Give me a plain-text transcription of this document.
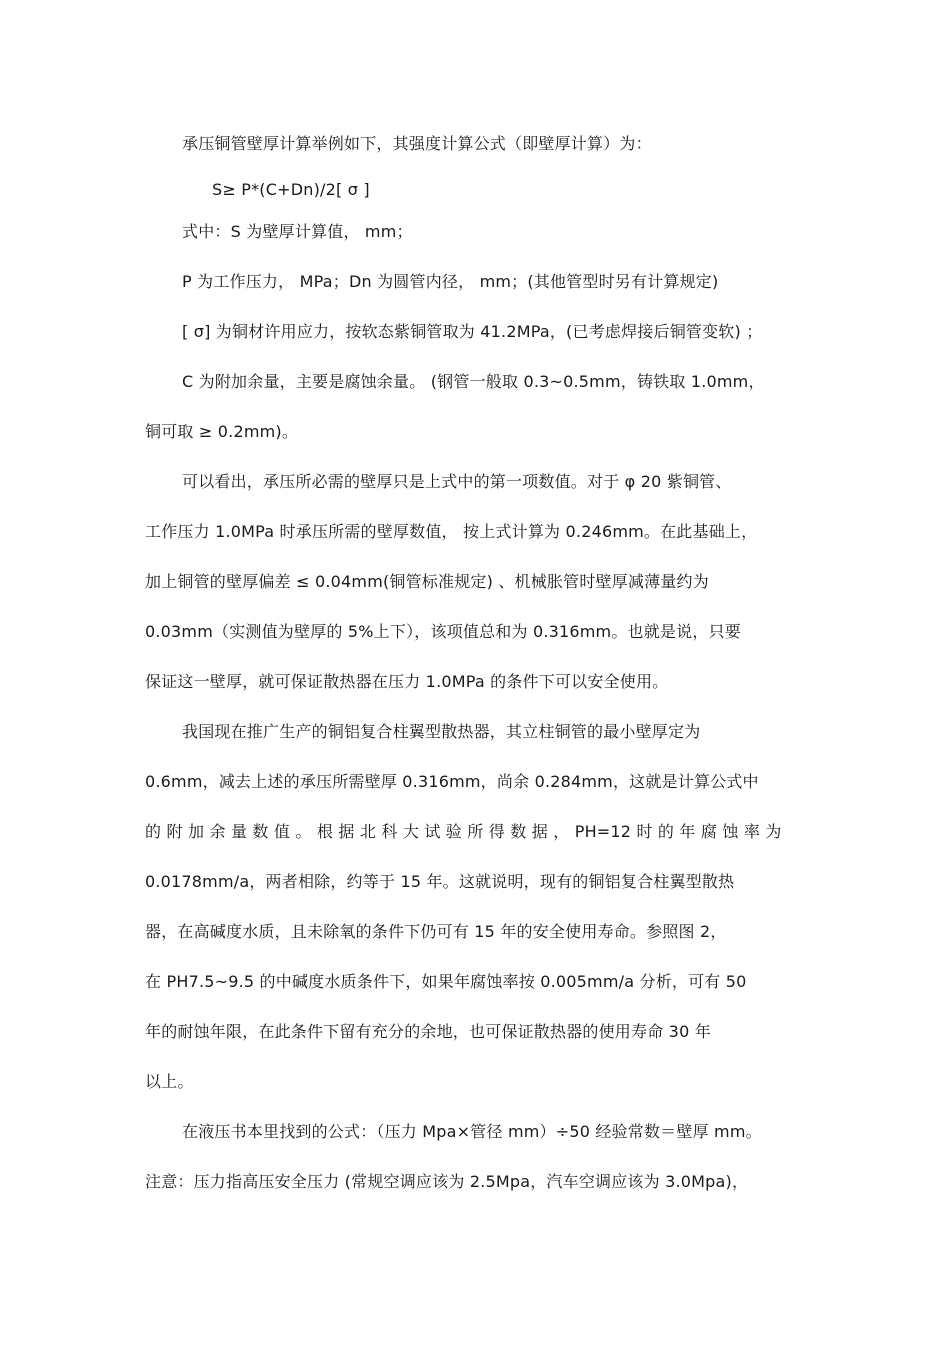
承压铜管壁厚计算举例如下，其强度计算公式（即壁厚计算）为：
S≥ P*(C+Dn)/2[ σ ]
式中：S 为壁厚计算值， mm；
P 为工作压力， MPa；Dn 为圆管内径， mm；(其他管型时另有计算规定)
[ σ] 为铜材许用应力，按软态紫铜管取为 41.2MPa，(已考虑焊接后铜管变软) ；
C 为附加余量，主要是腐蚀余量。 (钢管一般取 0.3~0.5mm，铸铁取 1.0mm，
铜可取 ≥ 0.2mm)。
可以看出，承压所必需的壁厚只是上式中的第一项数值。对于 φ 20 紫铜管、
工作压力 1.0MPa 时承压所需的壁厚数值， 按上式计算为 0.246mm。在此基础上，
加上铜管的壁厚偏差 ≤ 0.04mm(铜管标准规定) 、机械胀管时壁厚减薄量约为
0.03mm（实测值为壁厚的 5%上下），该项值总和为 0.316mm。也就是说，只要
保证这一壁厚，就可保证散热器在压力 1.0MPa 的条件下可以安全使用。
我国现在推广生产的铜铝复合柱翼型散热器，其立柱铜管的最小壁厚定为
0.6mm，减去上述的承压所需壁厚 0.316mm，尚余 0.284mm，这就是计算公式中
的 附 加 余 量 数 值 。 根 据 北 科 大 试 验 所 得 数 据 ， PH=12 时 的 年 腐 蚀 率 为
0.0178mm/a，两者相除，约等于 15 年。这就说明，现有的铜铝复合柱翼型散热
器，在高碱度水质，且未除氧的条件下仍可有 15 年的安全使用寿命。参照图 2，
在 PH7.5~9.5 的中碱度水质条件下，如果年腐蚀率按 0.005mm/a 分析，可有 50
年的耐蚀年限，在此条件下留有充分的余地，也可保证散热器的使用寿命 30 年
以上。
在液压书本里找到的公式：（压力 Mpa×管径 mm）÷50 经验常数＝壁厚 mm。
注意：压力指高压安全压力 (常规空调应该为 2.5Mpa，汽车空调应该为 3.0Mpa)，
